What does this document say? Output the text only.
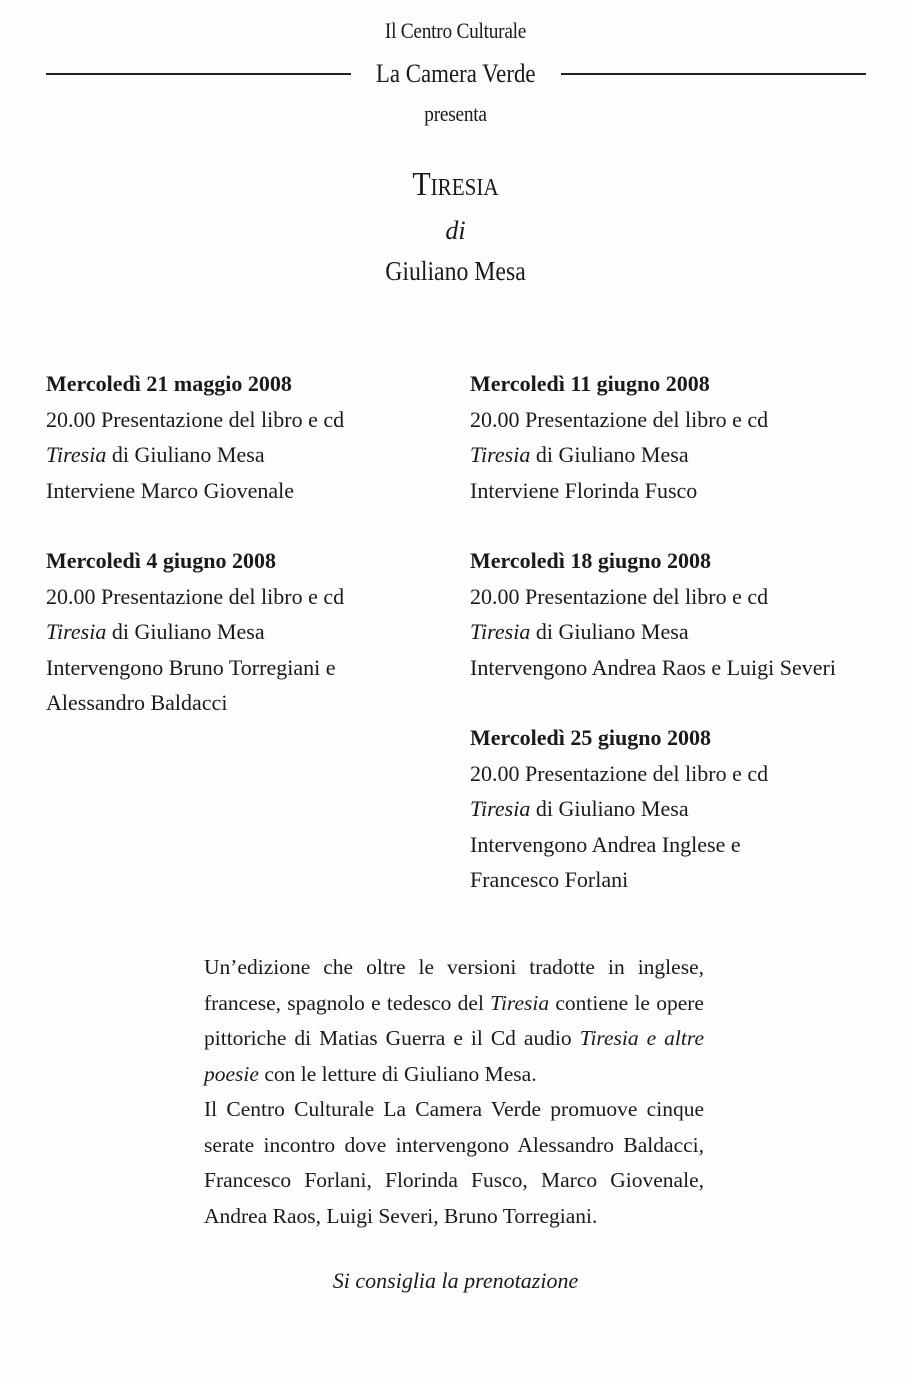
Il Centro Culturale
La Camera Verde
presenta
Tiresia
di
Giuliano Mesa
Mercoledì 21 maggio 2008
20.00 Presentazione del libro e cd
Tiresia di Giuliano Mesa
Interviene Marco Giovenale
Mercoledì 4 giugno 2008
20.00 Presentazione del libro e cd
Tiresia di Giuliano Mesa
Intervengono Bruno Torregiani e
Alessandro Baldacci
Mercoledì 11 giugno 2008
20.00 Presentazione del libro e cd
Tiresia di Giuliano Mesa
Interviene Florinda Fusco
Mercoledì 18 giugno 2008
20.00 Presentazione del libro e cd
Tiresia di Giuliano Mesa
Intervengono Andrea Raos e Luigi Severi
Mercoledì 25 giugno 2008
20.00 Presentazione del libro e cd
Tiresia di Giuliano Mesa
Intervengono Andrea Inglese e
Francesco Forlani

Un’edizione che oltre le versioni tradotte in inglese, francese, spagnolo e tedesco del Tiresia contiene le opere pittoriche di Matias Guerra e il Cd audio Tiresia e altre poesie con le letture di Giuliano Mesa.

Il Centro Culturale La Camera Verde promuove cinque serate incontro dove intervengono Alessandro Baldacci, Francesco Forlani, Florinda Fusco, Marco Giovenale, Andrea Raos, Luigi Severi, Bruno Torregiani.

Si consiglia la prenotazione
